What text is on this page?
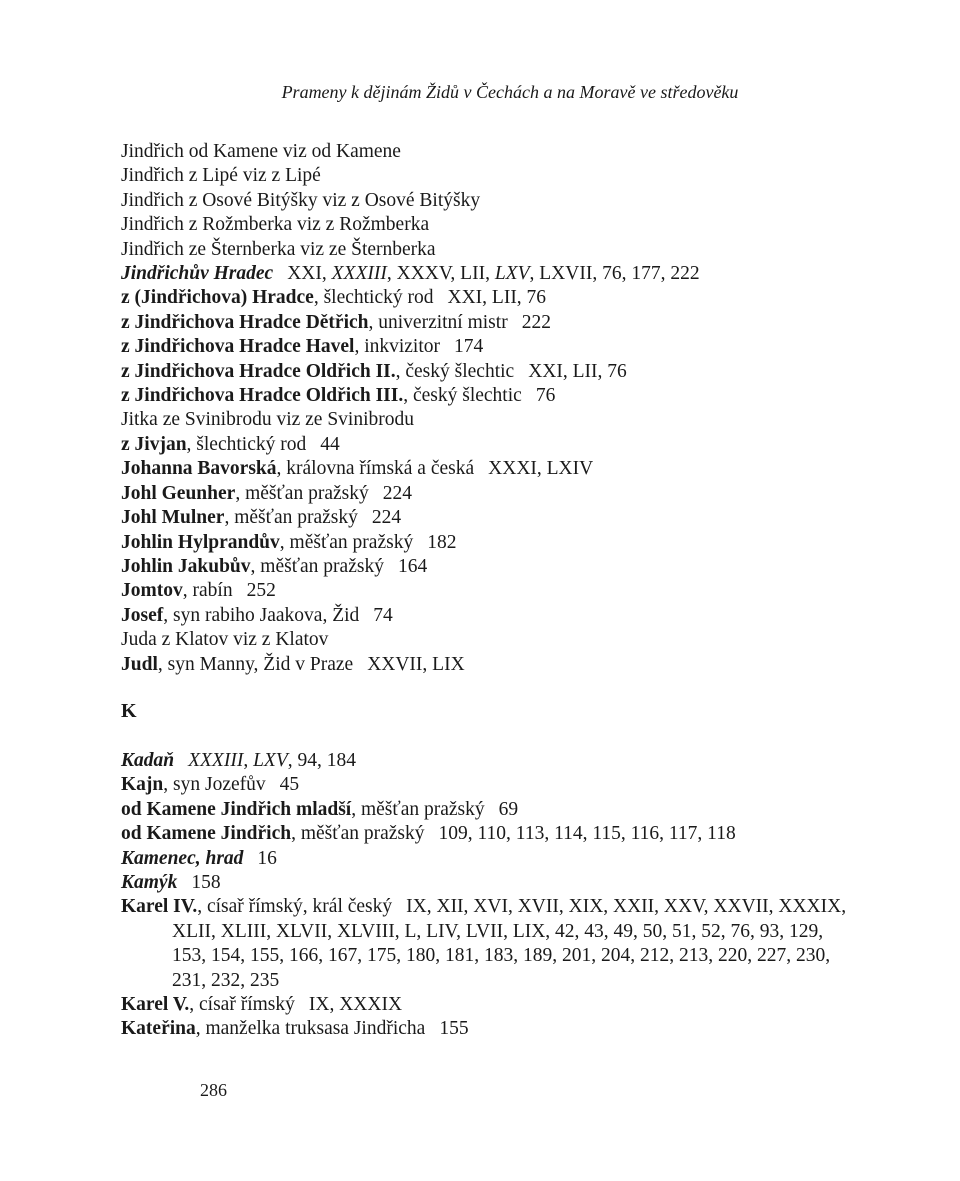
Prameny k dějinám Židů v Čechách a na Moravě ve středověku
Jindřich od Kamene viz od Kamene
Jindřich z Lipé viz z Lipé
Jindřich z Osové Bitýšky viz z Osové Bitýšky
Jindřich z Rožmberka viz z Rožmberka
Jindřich ze Šternberka viz ze Šternberka
Jindřichův Hradec XXI, XXXIII, XXXV, LII, LXV, LXVII, 76, 177, 222
z (Jindřichova) Hradce, šlechtický rod XXI, LII, 76
z Jindřichova Hradce Dětřich, univerzitní mistr 222
z Jindřichova Hradce Havel, inkvizitor 174
z Jindřichova Hradce Oldřich II., český šlechtic XXI, LII, 76
z Jindřichova Hradce Oldřich III., český šlechtic 76
Jitka ze Svinibrodu viz ze Svinibrodu
z Jivjan, šlechtický rod 44
Johanna Bavorská, královna římská a česká XXXI, LXIV
Johl Geunher, měšťan pražský 224
Johl Mulner, měšťan pražský 224
Johlin Hylprandův, měšťan pražský 182
Johlin Jakubův, měšťan pražský 164
Jomtov, rabín 252
Josef, syn rabiho Jaakova, Žid 74
Juda z Klatov viz z Klatov
Judl, syn Manny, Žid v Praze XXVII, LIX
K
Kadaň XXXIII, LXV, 94, 184
Kajn, syn Jozefův 45
od Kamene Jindřich mladší, měšťan pražský 69
od Kamene Jindřich, měšťan pražský 109, 110, 113, 114, 115, 116, 117, 118
Kamenec, hrad 16
Kamýk 158
Karel IV., císař římský, král český IX, XII, XVI, XVII, XIX, XXII, XXV, XXVII, XXXIX, XLII, XLIII, XLVII, XLVIII, L, LIV, LVII, LIX, 42, 43, 49, 50, 51, 52, 76, 93, 129, 153, 154, 155, 166, 167, 175, 180, 181, 183, 189, 201, 204, 212, 213, 220, 227, 230, 231, 232, 235
Karel V., císař římský IX, XXXIX
Kateřina, manželka truksasa Jindřicha 155
286
